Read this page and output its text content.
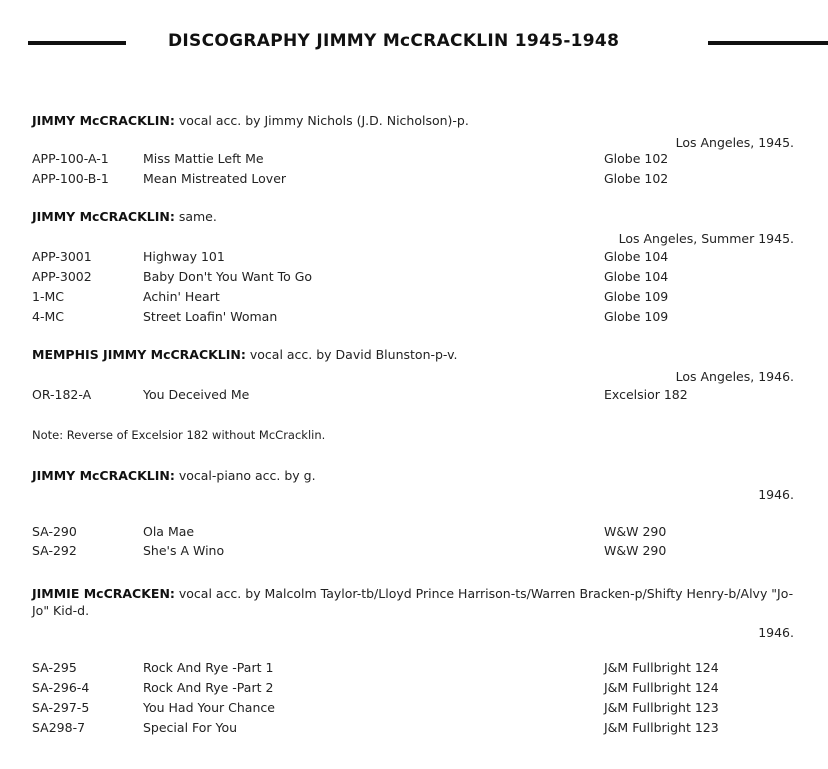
DISCOGRAPHY JIMMY McCRACKLIN 1945-1948
JIMMY McCRACKLIN: vocal acc. by Jimmy Nichols (J.D. Nicholson)-p.
Los Angeles, 1945.
APP-100-A-1	Miss Mattie Left Me	Globe 102
APP-100-B-1	Mean Mistreated Lover	Globe 102
JIMMY McCRACKLIN: same.
Los Angeles, Summer 1945.
APP-3001	Highway 101	Globe 104
APP-3002	Baby Don't You Want To Go	Globe 104
1-MC	Achin' Heart	Globe 109
4-MC	Street Loafin' Woman	Globe 109
MEMPHIS JIMMY McCRACKLIN: vocal acc. by David Blunston-p-v.
Los Angeles, 1946.
OR-182-A	You Deceived Me	Excelsior 182
Note: Reverse of Excelsior 182 without McCracklin.
JIMMY McCRACKLIN: vocal-piano acc. by g.
1946.
SA-290	Ola Mae	W&W 290
SA-292	She's A Wino	W&W 290
JIMMIE McCRACKEN: vocal acc. by Malcolm Taylor-tb/Lloyd Prince Harrison-ts/Warren Bracken-p/Shifty Henry-b/Alvy "Jo-Jo" Kid-d.
1946.
SA-295	Rock And Rye -Part 1	J&M Fullbright 124
SA-296-4	Rock And Rye -Part 2	J&M Fullbright 124
SA-297-5	You Had Your Chance	J&M Fullbright 123
SA298-7	Special For You	J&M Fullbright 123
